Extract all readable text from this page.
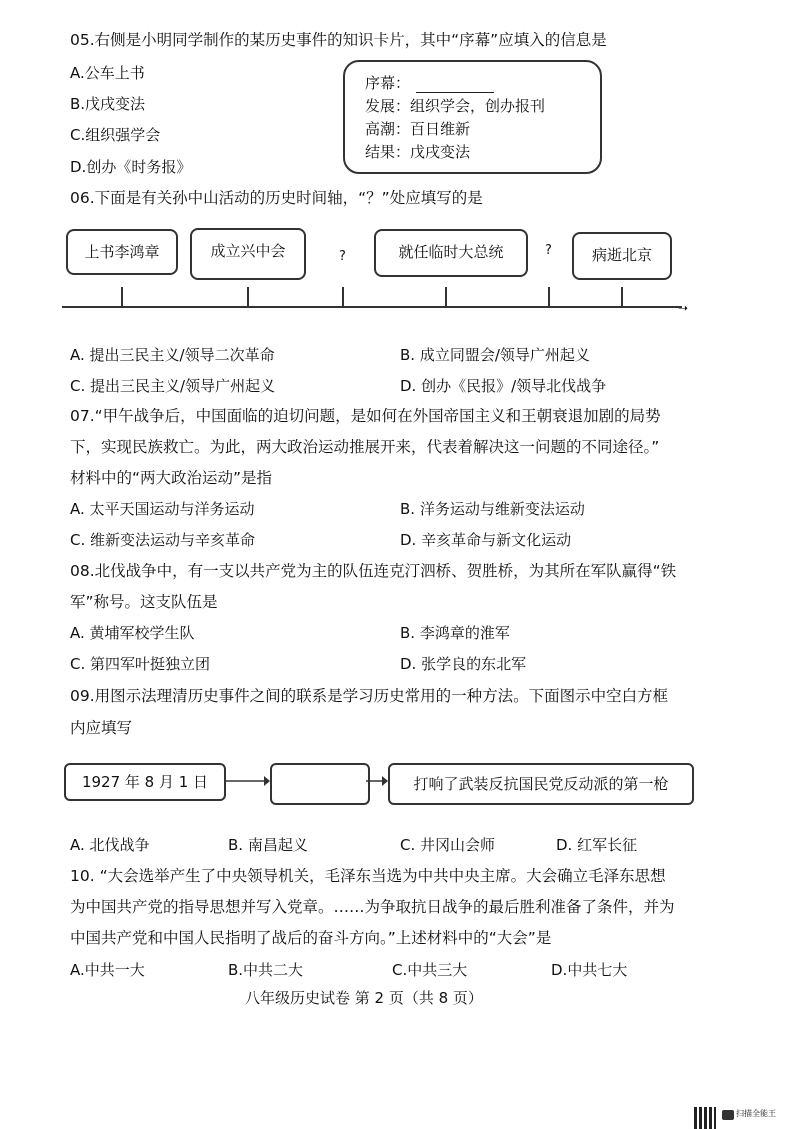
05.右侧是小明同学制作的某历史事件的知识卡片，其中“序幕”应填入的信息是
A.公车上书
B.戊戌变法
C.组织强学会
D.创办《时务报》
序幕：
发展：组织学会，创办报刊
高潮：百日维新
结果：戊戌变法
06.下面是有关孙中山活动的历史时间轴，“？”处应填写的是
➝
上书李鸿章	成立兴中会	?	就任临时大总统	?	病逝北京
A. 提出三民主义/领导二次革命	B. 成立同盟会/领导广州起义
C. 提出三民主义/领导广州起义	D. 创办《民报》/领导北伐战争
07.“甲午战争后，中国面临的迫切问题，是如何在外国帝国主义和王朝衰退加剧的局势
下，实现民族救亡。为此，两大政治运动推展开来，代表着解决这一问题的不同途径。”
材料中的“两大政治运动”是指
A. 太平天国运动与洋务运动	B. 洋务运动与维新变法运动
C. 维新变法运动与辛亥革命	D. 辛亥革命与新文化运动
08.北伐战争中，有一支以共产党为主的队伍连克汀泗桥、贺胜桥，为其所在军队赢得“铁
军”称号。这支队伍是
A. 黄埔军校学生队	B. 李鸿章的淮军
C. 第四军叶挺独立团	D. 张学良的东北军
09.用图示法理清历史事件之间的联系是学习历史常用的一种方法。下面图示中空白方框
内应填写
1927 年 8 月 1 日	打响了武装反抗国民党反动派的第一枪
A. 北伐战争	B. 南昌起义	C. 井冈山会师	D. 红军长征
10. “大会选举产生了中央领导机关，毛泽东当选为中共中央主席。大会确立毛泽东思想
为中国共产党的指导思想并写入党章。……为争取抗日战争的最后胜利准备了条件，并为
中国共产党和中国人民指明了战后的奋斗方向。”上述材料中的“大会”是
A.中共一大	B.中共二大	C.中共三大	D.中共七大
八年级历史试卷 第 2 页（共 8 页）
扫描全能王
